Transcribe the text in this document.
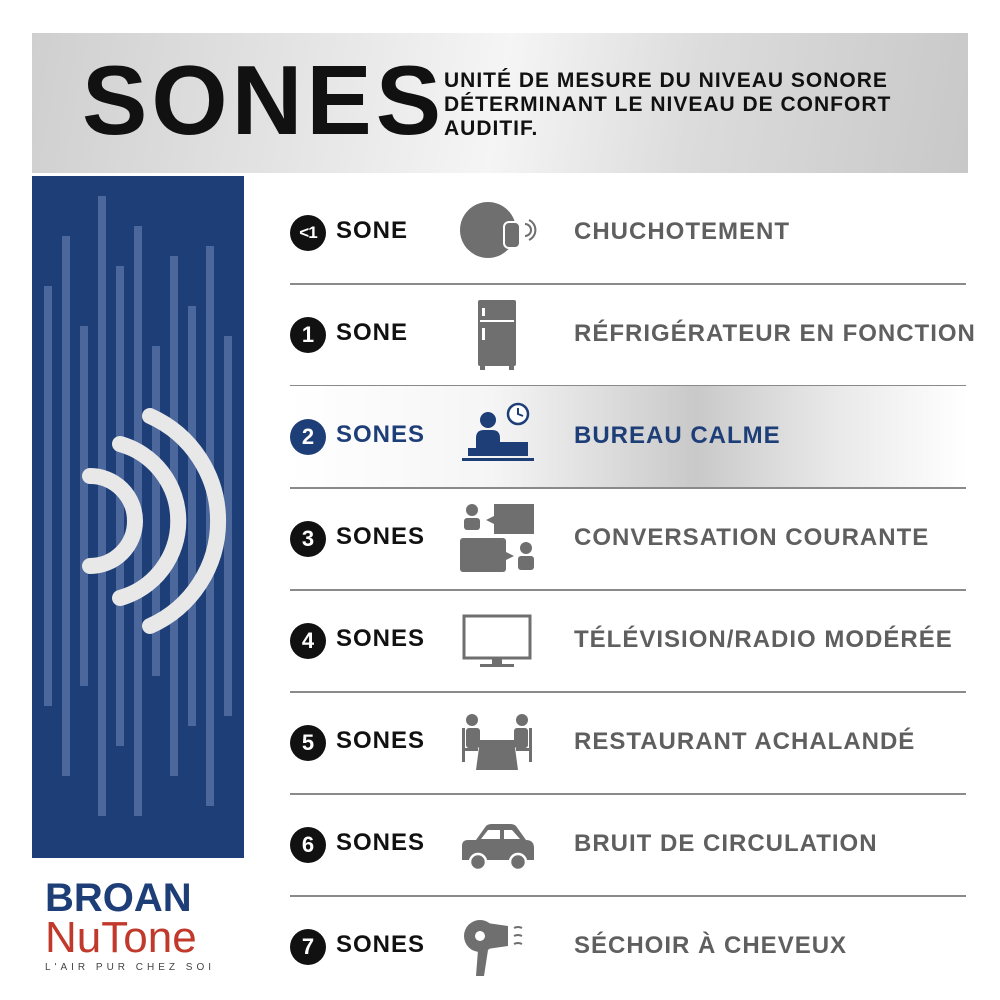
SONES
UNITÉ DE MESURE DU NIVEAU SONORE DÉTERMINANT LE NIVEAU DE CONFORT AUDITIF.
BROAN
NuTone
L'AIR PUR CHEZ SOI
<1 SONE	CHUCHOTEMENT
1 SONE	RÉFRIGÉRATEUR EN FONCTION
2 SONES	BUREAU CALME
3 SONES	CONVERSATION COURANTE
4 SONES	TÉLÉVISION/RADIO MODÉRÉE
5 SONES	RESTAURANT ACHALANDÉ
6 SONES	BRUIT DE CIRCULATION
7 SONES	SÉCHOIR À CHEVEUX
